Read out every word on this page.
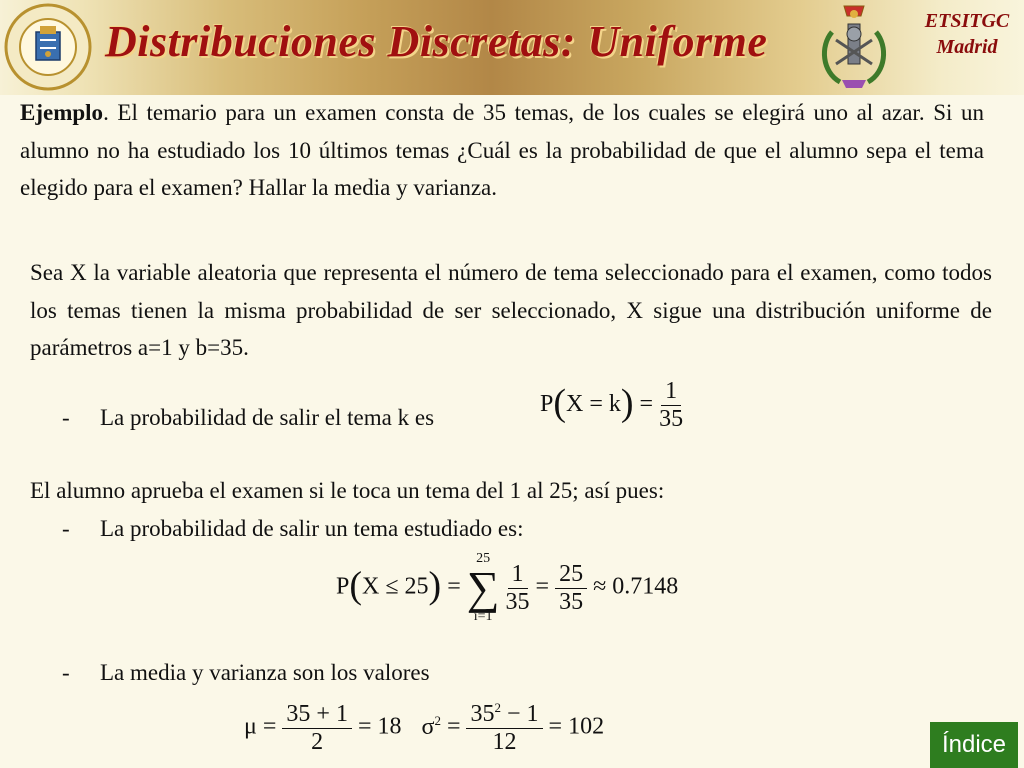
Distribuciones Discretas: Uniforme	ETSITGC
Madrid
Ejemplo. El temario para un examen consta de 35 temas, de los cuales se elegirá uno al azar. Si un alumno no ha estudiado los 10 últimos temas ¿Cuál es la probabilidad de que el alumno sepa el tema elegido para el examen? Hallar la media y varianza.
Sea X la variable aleatoria que representa el número de tema seleccionado para el examen, como todos los temas tienen la misma probabilidad de ser seleccionado, X sigue una distribución uniforme de parámetros a=1 y b=35.
- La probabilidad de salir el tema k es
$P(X = k) = \frac{1}{35}$
El alumno aprueba el examen si le toca un tema del 1 al 25; así pues:
- La probabilidad de salir un tema estudiado es:
P(X ≤ 25) =
25
∑
i=1

$\frac{1}{35} = \frac{25}{35} \approx 0.7148$
- La media y varianza son los valores
$\mu = \frac{35 + 1}{2} = 18$ $\sigma^2 = \frac{35^2 - 1}{12} = 102$
Índice
